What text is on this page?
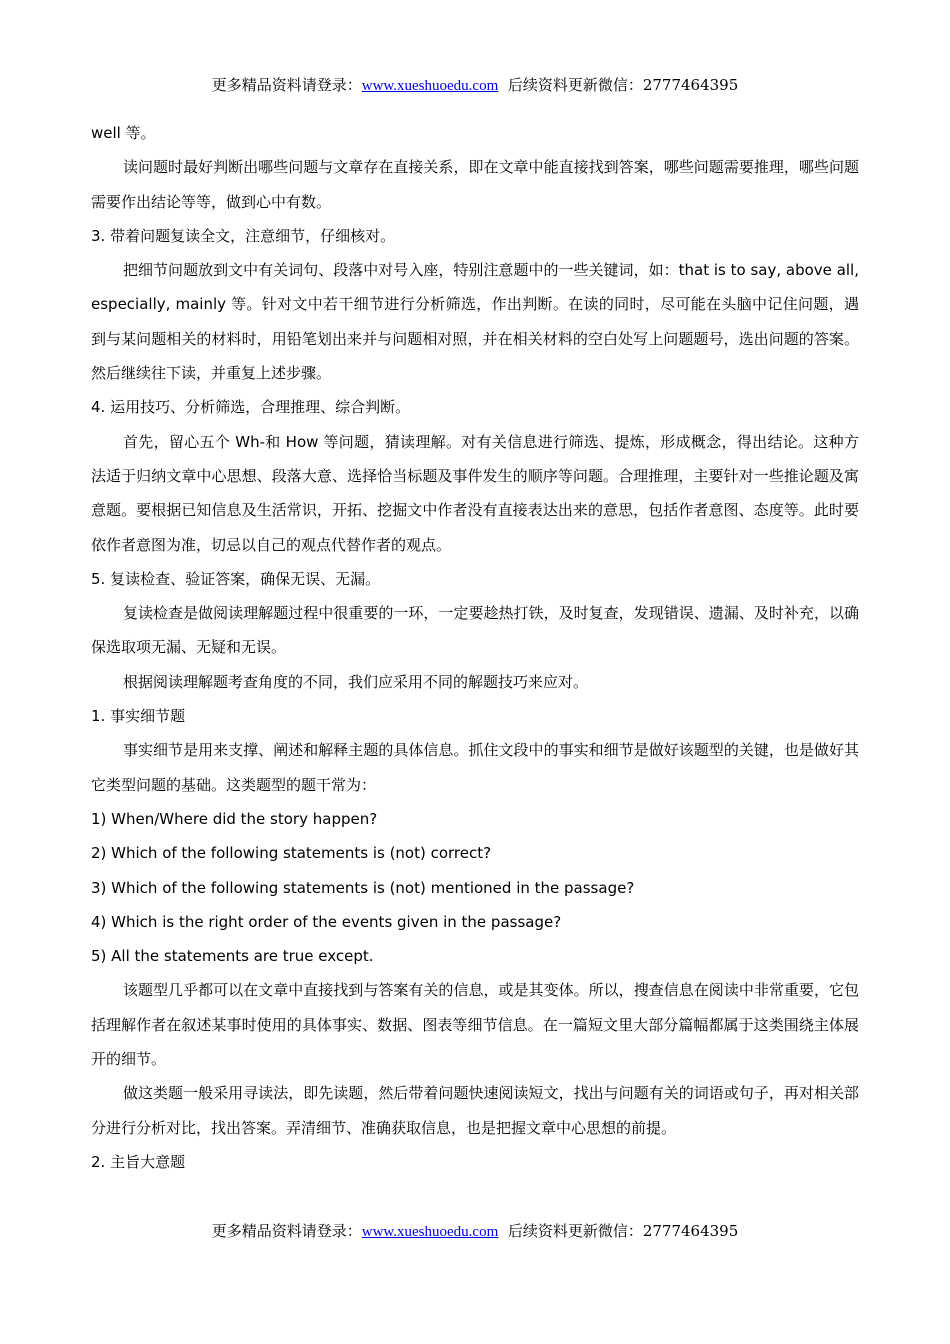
更多精品资料请登录：www.xueshuoedu.com 后续资料更新微信：2777464395

well 等。

读问题时最好判断出哪些问题与文章存在直接关系，即在文章中能直接找到答案，哪些问题需要推理，哪些问题需要作出结论等等，做到心中有数。

3. 带着问题复读全文，注意细节，仔细核对。

把细节问题放到文中有关词句、段落中对号入座，特别注意题中的一些关键词，如：that is to say, above all, especially, mainly 等。针对文中若干细节进行分析筛选，作出判断。在读的同时，尽可能在头脑中记住问题，遇到与某问题相关的材料时，用铅笔划出来并与问题相对照，并在相关材料的空白处写上问题题号，选出问题的答案。然后继续往下读，并重复上述步骤。

4. 运用技巧、分析筛选，合理推理、综合判断。

首先，留心五个 Wh-和 How 等问题，猜读理解。对有关信息进行筛选、提炼，形成概念，得出结论。这种方法适于归纳文章中心思想、段落大意、选择恰当标题及事件发生的顺序等问题。合理推理，主要针对一些推论题及寓意题。要根据已知信息及生活常识，开拓、挖掘文中作者没有直接表达出来的意思，包括作者意图、态度等。此时要依作者意图为准，切忌以自己的观点代替作者的观点。

5. 复读检查、验证答案，确保无误、无漏。

复读检查是做阅读理解题过程中很重要的一环，一定要趁热打铁，及时复查，发现错误、遗漏、及时补充，以确保选取项无漏、无疑和无误。

根据阅读理解题考查角度的不同，我们应采用不同的解题技巧来应对。

1. 事实细节题

事实细节是用来支撑、阐述和解释主题的具体信息。抓住文段中的事实和细节是做好该题型的关键，也是做好其它类型问题的基础。这类题型的题干常为：

1) When/Where did the story happen?

2) Which of the following statements is (not) correct?

3) Which of the following statements is (not) mentioned in the passage?

4) Which is the right order of the events given in the passage?

5) All the statements are true except.

该题型几乎都可以在文章中直接找到与答案有关的信息，或是其变体。所以，搜查信息在阅读中非常重要，它包括理解作者在叙述某事时使用的具体事实、数据、图表等细节信息。在一篇短文里大部分篇幅都属于这类围绕主体展开的细节。

做这类题一般采用寻读法，即先读题，然后带着问题快速阅读短文，找出与问题有关的词语或句子，再对相关部分进行分析对比，找出答案。弄清细节、准确获取信息，也是把握文章中心思想的前提。

2. 主旨大意题

更多精品资料请登录：www.xueshuoedu.com 后续资料更新微信：2777464395
